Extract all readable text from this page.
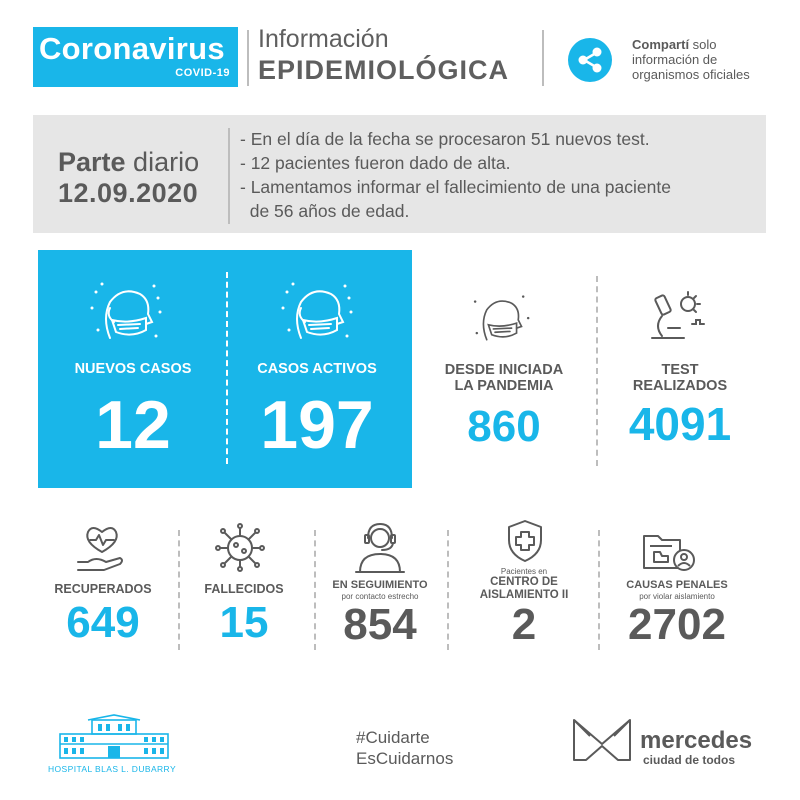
Coronavirus
COVID-19
Información
EPIDEMIOLÓGICA
Compartí solo
información de
organismos oficiales
Parte diario
12.09.2020
- En el día de la fecha se procesaron 51 nuevos test.
- 12 pacientes fueron dado de alta.
- Lamentamos informar el fallecimiento de una paciente
de 56 años de edad.
NUEVOS CASOS
12
CASOS ACTIVOS
197
DESDE INICIADA
LA PANDEMIA
860
TEST
REALIZADOS
4091
RECUPERADOS
649
FALLECIDOS
15
EN SEGUIMIENTO
por contacto estrecho
854
Pacientes en
CENTRO DE
AISLAMIENTO II
2
CAUSAS PENALES
por violar aislamiento
2702
HOSPITAL BLAS L. DUBARRY
#Cuidarte
EsCuidarnos
mercedes
ciudad de todos
